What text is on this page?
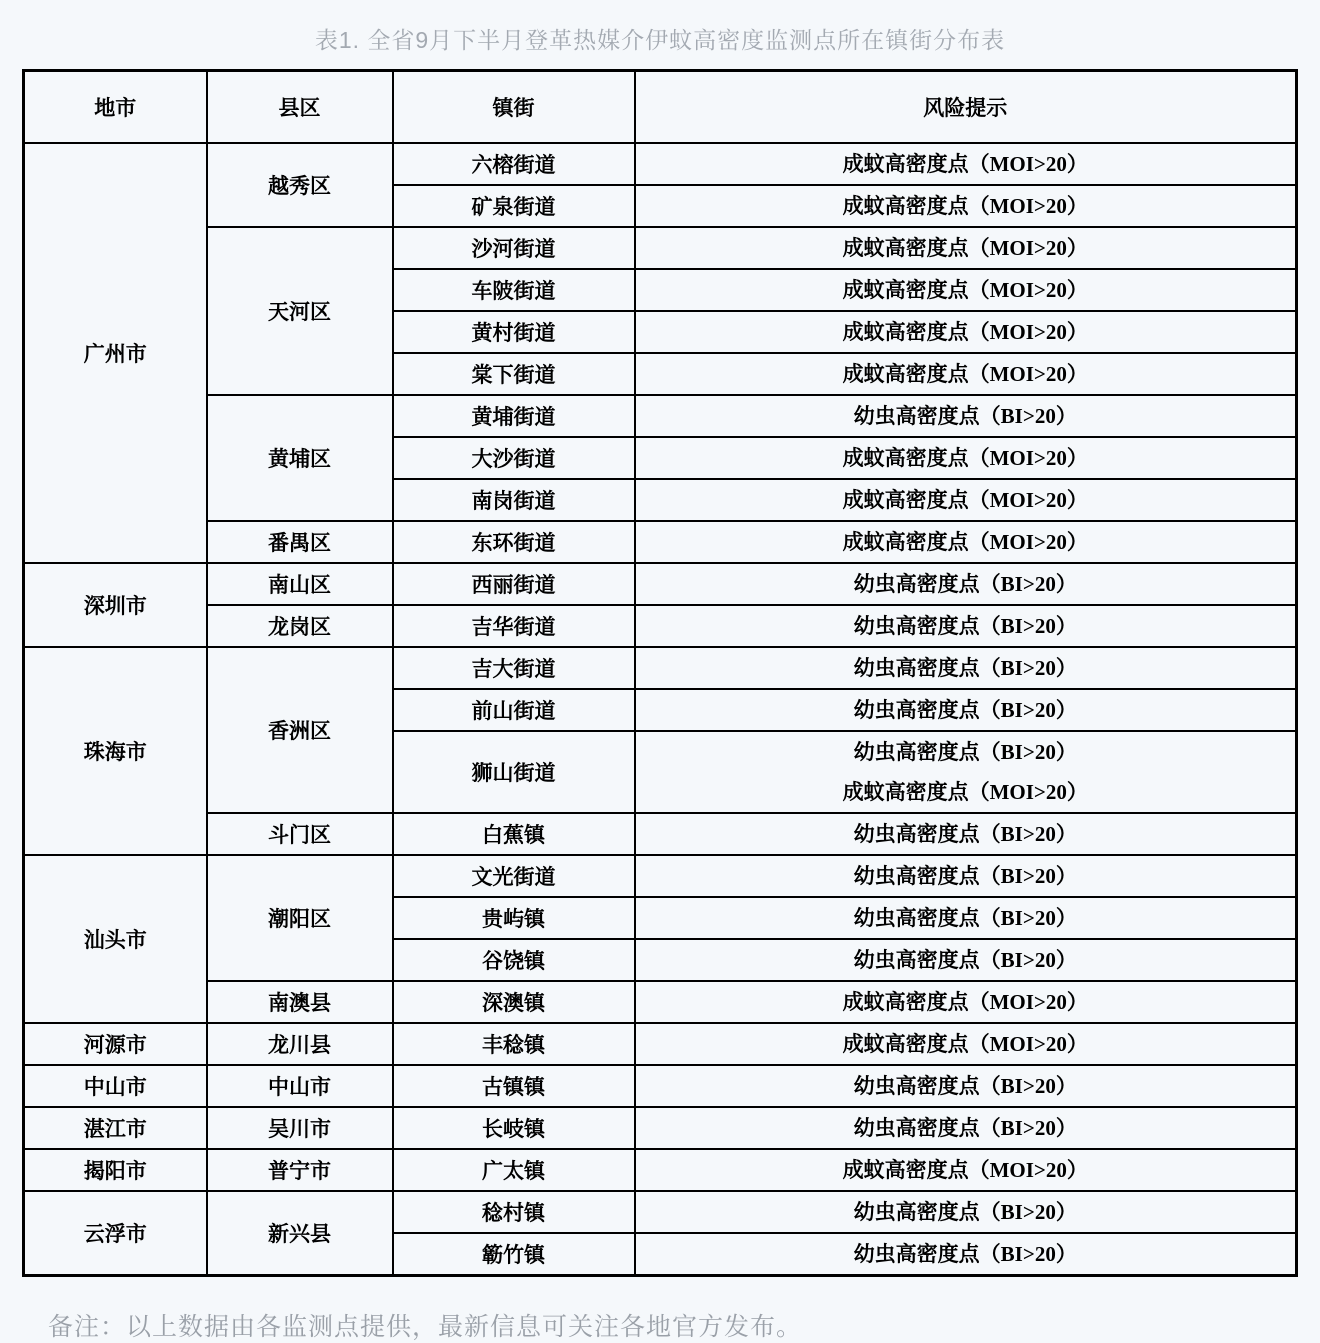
表1. 全省9月下半月登革热媒介伊蚊高密度监测点所在镇街分布表
地市	县区	镇街	风险提示
广州市	越秀区	六榕街道	成蚊高密度点（MOI>20）

		矿泉街道	成蚊高密度点（MOI>20）

	天河区	沙河街道	成蚊高密度点（MOI>20）

		车陂街道	成蚊高密度点（MOI>20）

		黄村街道	成蚊高密度点（MOI>20）

		棠下街道	成蚊高密度点（MOI>20）

	黄埔区	黄埔街道	幼虫高密度点（BI>20）

		大沙街道	成蚊高密度点（MOI>20）

		南岗街道	成蚊高密度点（MOI>20）

	番禺区	东环街道	成蚊高密度点（MOI>20）

深圳市	南山区	西丽街道	幼虫高密度点（BI>20）

	龙岗区	吉华街道	幼虫高密度点（BI>20）

珠海市	香洲区	吉大街道	幼虫高密度点（BI>20）

		前山街道	幼虫高密度点（BI>20）

		狮山街道	幼虫高密度点（BI>20）
成蚊高密度点（MOI>20）

	斗门区	白蕉镇	幼虫高密度点（BI>20）

汕头市	潮阳区	文光街道	幼虫高密度点（BI>20）

		贵屿镇	幼虫高密度点（BI>20）

		谷饶镇	幼虫高密度点（BI>20）

	南澳县	深澳镇	成蚊高密度点（MOI>20）

河源市	龙川县	丰稔镇	成蚊高密度点（MOI>20）

中山市	中山市	古镇镇	幼虫高密度点（BI>20）

湛江市	吴川市	长岐镇	幼虫高密度点（BI>20）

揭阳市	普宁市	广太镇	成蚊高密度点（MOI>20）

云浮市	新兴县	稔村镇	幼虫高密度点（BI>20）

		簕竹镇	幼虫高密度点（BI>20）

备注：以上数据由各监测点提供，最新信息可关注各地官方发布。
